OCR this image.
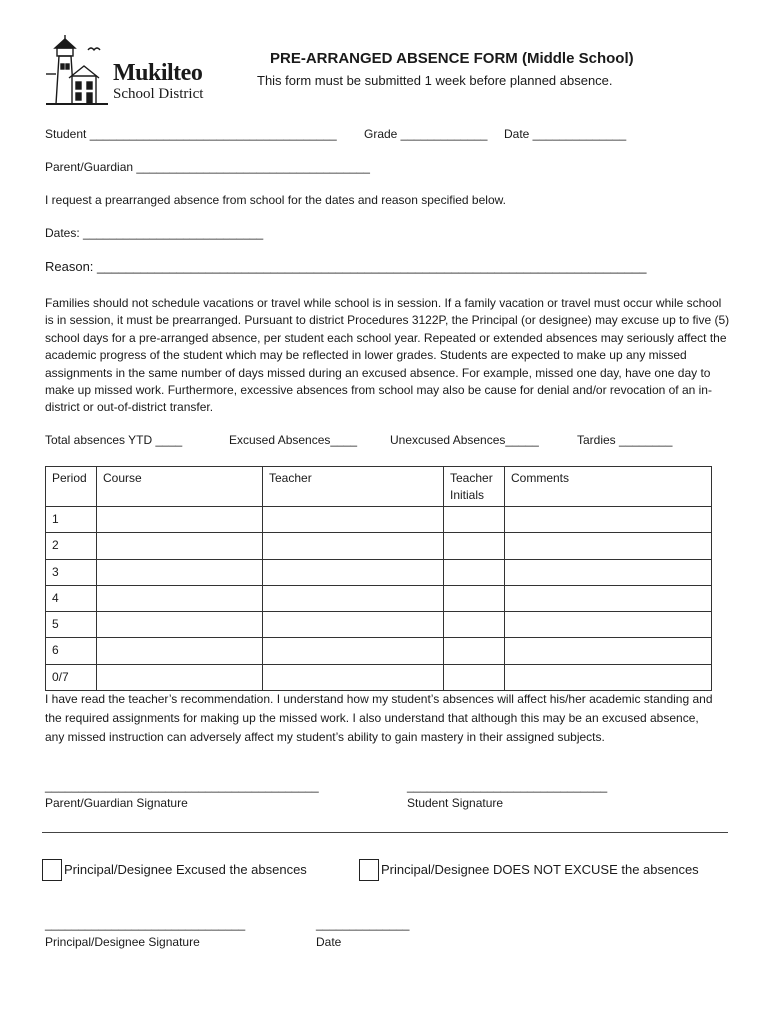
Mukilteo
School District
PRE-ARRANGED ABSENCE FORM (Middle School)
This form must be submitted 1 week before planned absence.
Student _____________________________________ Grade _____________ Date ______________
Parent/Guardian ___________________________________
I request a prearranged absence from school for the dates and reason specified below.
Dates: ___________________________
Reason: ____________________________________________________________________________
Families should not schedule vacations or travel while school is in session. If a family vacation or travel must occur while school is in session, it must be prearranged. Pursuant to district Procedures 3122P, the Principal (or designee) may excuse up to five (5) school days for a pre-arranged absence, per student each school year. Repeated or extended absences may seriously affect the academic progress of the student which may be reflected in lower grades. Students are expected to make up any missed assignments in the same number of days missed during an excused absence. For example, missed one day, have one day to make up missed work. Furthermore, excessive absences from school may also be cause for denial and/or revocation of an in-district or out-of-district transfer.
Total absences YTD ____	Excused Absences____	Unexcused Absences_____	Tardies ________
Period	Course	Teacher	Teacher Initials	Comments
1				
2				
3				
4				
5				
6				
0/7				
I have read the teacher’s recommendation. I understand how my student’s absences will affect his/her academic standing and the required assignments for making up the missed work. I also understand that although this may be an excused absence, any missed instruction can adversely affect my student’s ability to gain mastery in their assigned subjects.
_________________________________________
Parent/Guardian Signature
______________________________
Student Signature
Principal/Designee Excused the absences	Principal/Designee DOES NOT EXCUSE the absences
______________________________
Principal/Designee Signature
______________
Date
